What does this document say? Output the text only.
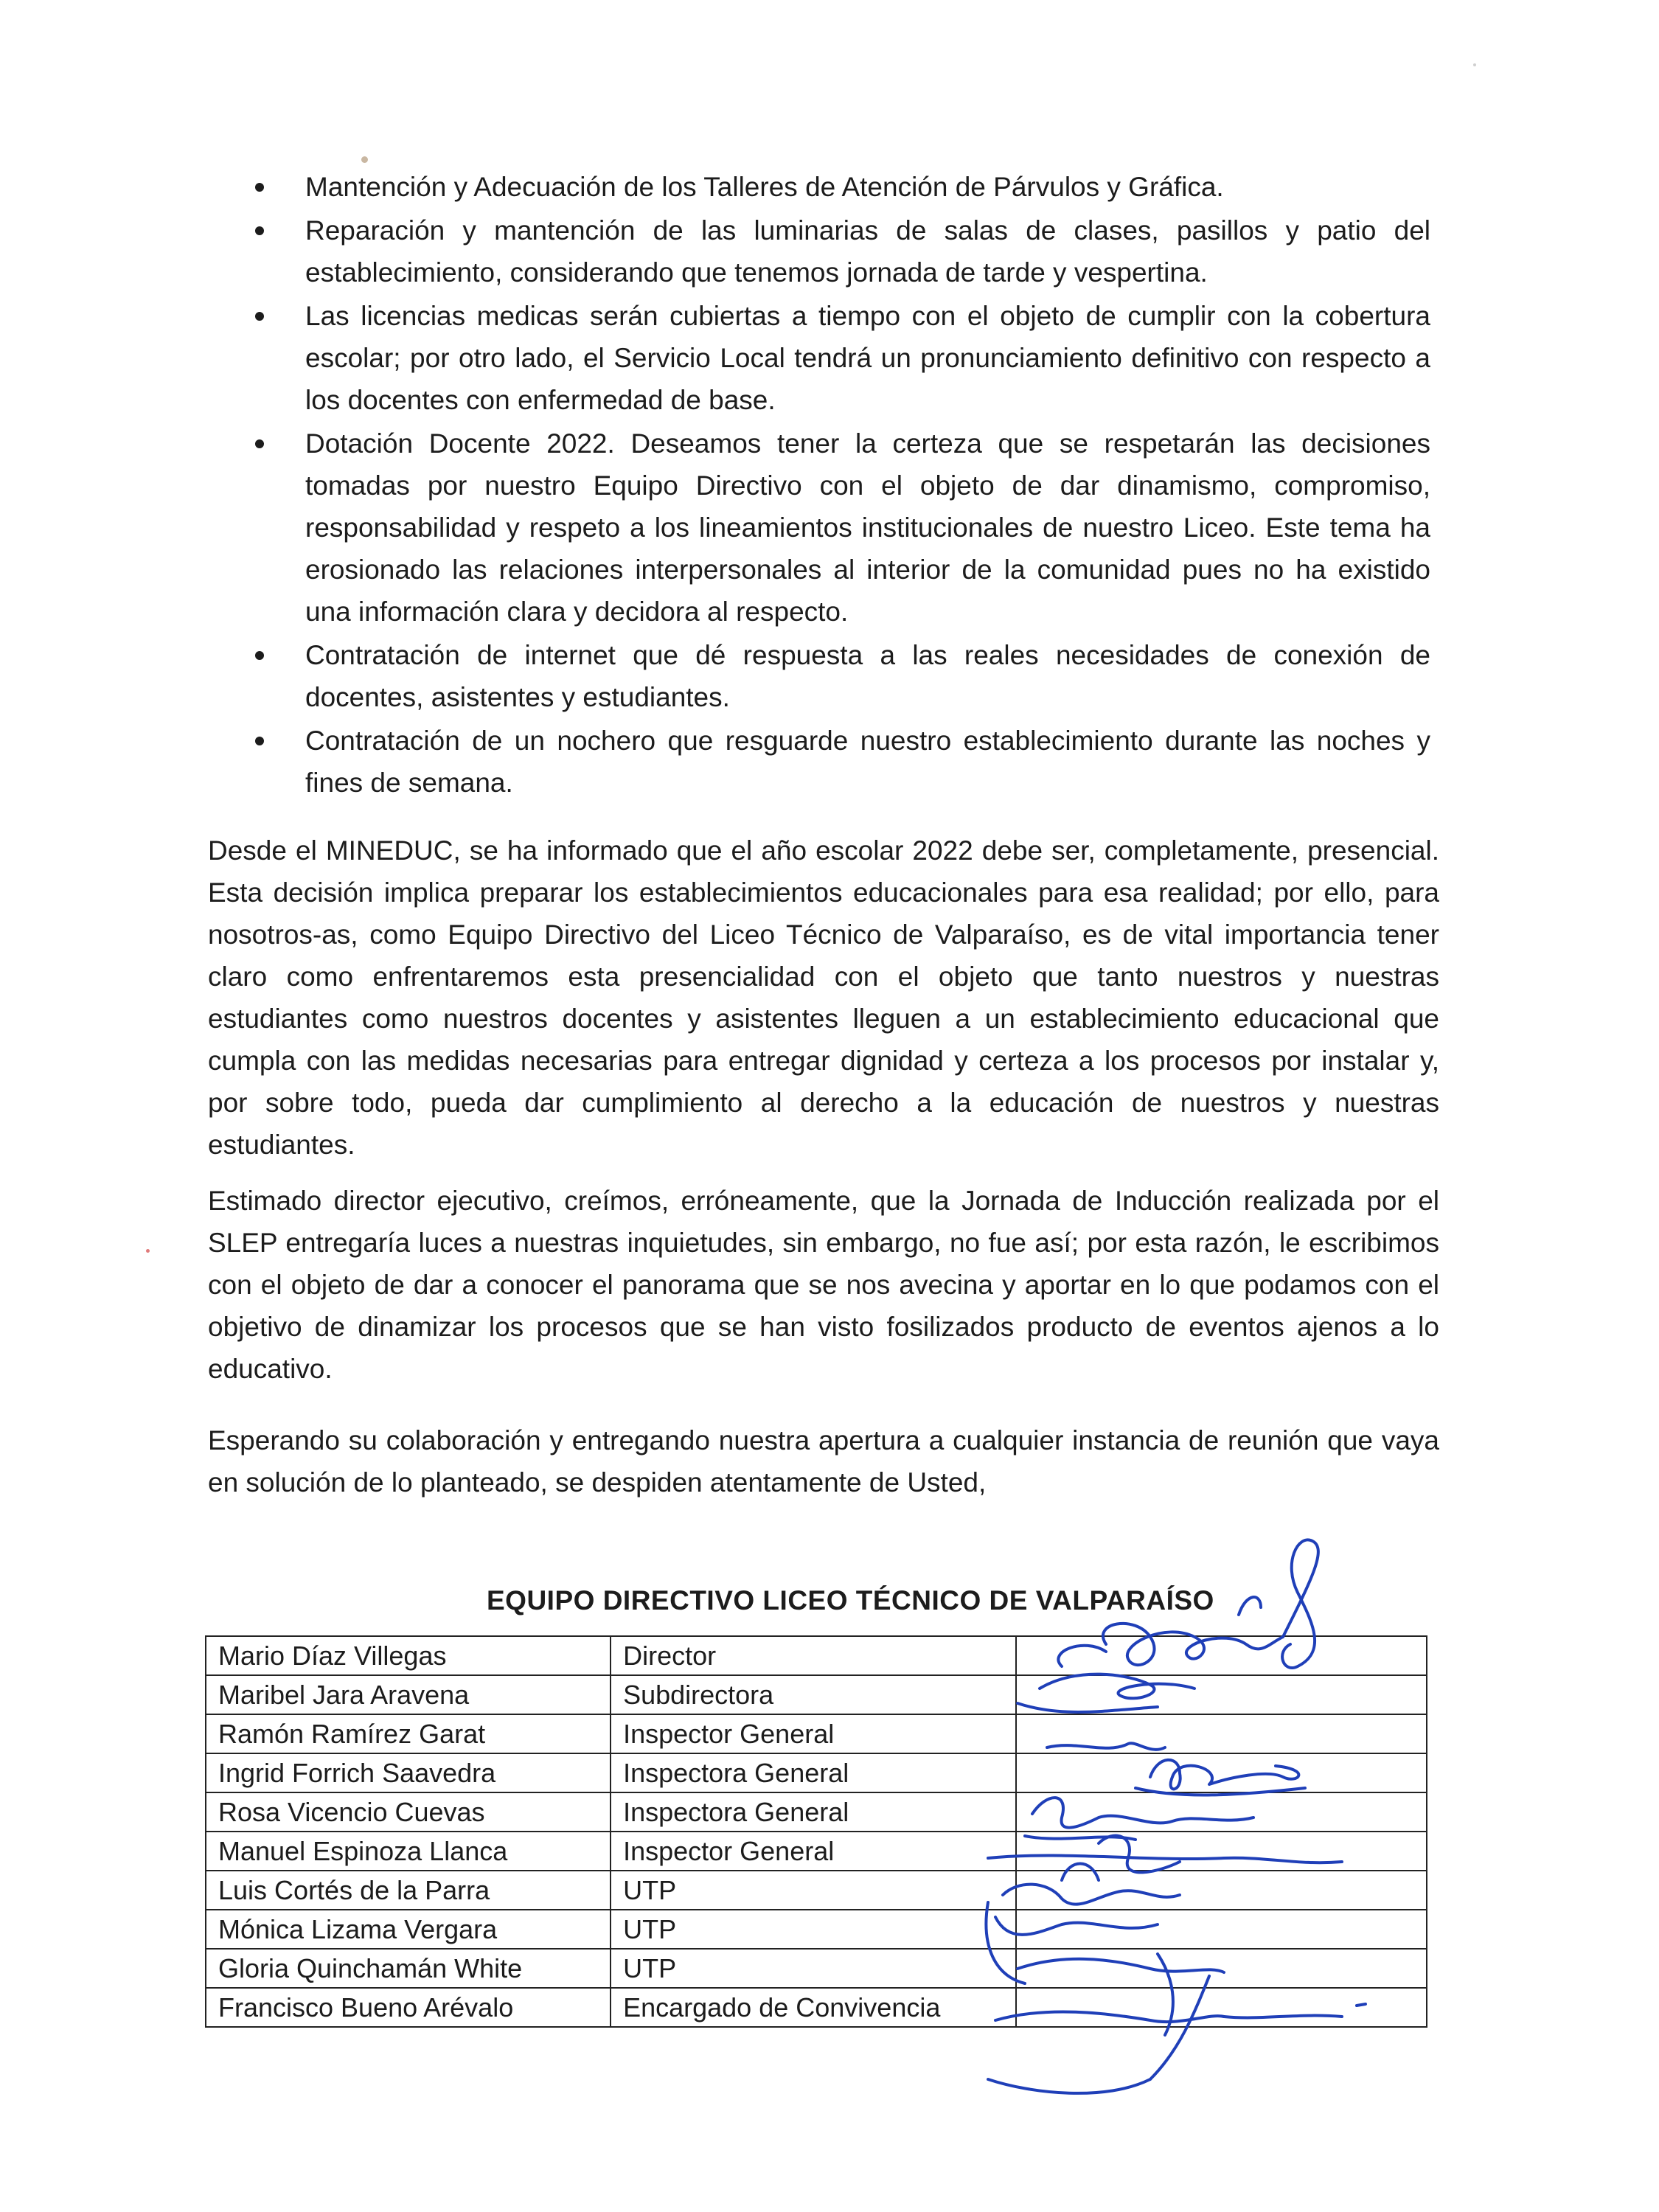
Mantención y Adecuación de los Talleres de Atención de Párvulos y Gráfica.
Reparación y mantención de las luminarias de salas de clases, pasillos y patio del establecimiento, considerando que tenemos jornada de tarde y vespertina.
Las licencias medicas serán cubiertas a tiempo con el objeto de cumplir con la cobertura escolar; por otro lado, el Servicio Local tendrá un pronunciamiento definitivo con respecto a los docentes con enfermedad de base.
Dotación Docente 2022. Deseamos tener la certeza que se respetarán las decisiones tomadas por nuestro Equipo Directivo con el objeto de dar dinamismo, compromiso, responsabilidad y respeto a los lineamientos institucionales de nuestro Liceo. Este tema ha erosionado las relaciones interpersonales al interior de la comunidad pues no ha existido una información clara y decidora al respecto.
Contratación de internet que dé respuesta a las reales necesidades de conexión de docentes, asistentes y estudiantes.
Contratación de un nochero que resguarde nuestro establecimiento durante las noches y fines de semana.

Desde el MINEDUC, se ha informado que el año escolar 2022 debe ser, completamente, presencial. Esta decisión implica preparar los establecimientos educacionales para esa realidad; por ello, para nosotros-as, como Equipo Directivo del Liceo Técnico de Valparaíso, es de vital importancia tener claro como enfrentaremos esta presencialidad con el objeto que tanto nuestros y nuestras estudiantes como nuestros docentes y asistentes lleguen a un establecimiento educacional que cumpla con las medidas necesarias para entregar dignidad y certeza a los procesos por instalar y, por sobre todo, pueda dar cumplimiento al derecho a la educación de nuestros y nuestras estudiantes.

Estimado director ejecutivo, creímos, erróneamente, que la Jornada de Inducción realizada por el SLEP entregaría luces a nuestras inquietudes, sin embargo, no fue así; por esta razón, le escribimos con el objeto de dar a conocer el panorama que se nos avecina y aportar en lo que podamos con el objetivo de dinamizar los procesos que se han visto fosilizados producto de eventos ajenos a lo educativo.

Esperando su colaboración y entregando nuestra apertura a cualquier instancia de reunión que vaya en solución de lo planteado, se despiden atentamente de Usted,

EQUIPO DIRECTIVO LICEO TÉCNICO DE VALPARAÍSO
Mario Díaz Villegas	Director	
Maribel Jara Aravena	Subdirectora	
Ramón Ramírez Garat	Inspector General	
Ingrid Forrich Saavedra	Inspectora General	
Rosa Vicencio Cuevas	Inspectora General	
Manuel Espinoza Llanca	Inspector General	
Luis Cortés de la Parra	UTP	
Mónica Lizama Vergara	UTP	
Gloria Quinchamán White	UTP	
Francisco Bueno Arévalo	Encargado de Convivencia	
